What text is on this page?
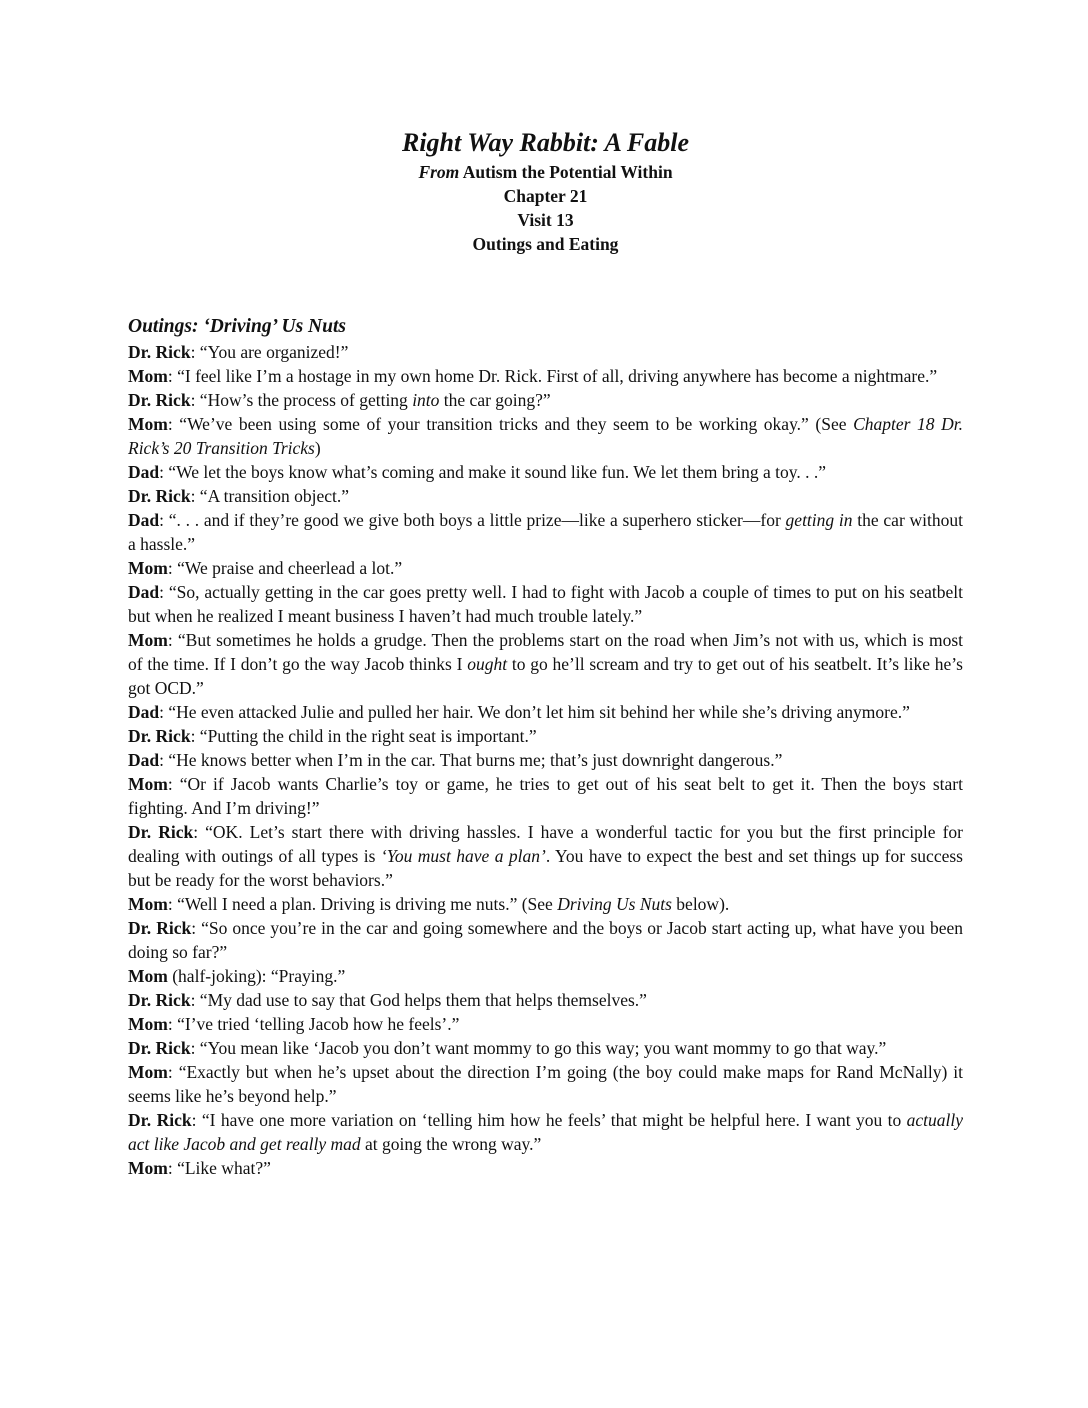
Right Way Rabbit: A Fable

From Autism the Potential Within

Chapter 21

Visit 13

Outings and Eating

Outings: ‘Driving’ Us Nuts

Dr. Rick: “You are organized!”

Mom: “I feel like I’m a hostage in my own home Dr. Rick. First of all, driving anywhere has become a nightmare.”

Dr. Rick: “How’s the process of getting into the car going?”

Mom: “We’ve been using some of your transition tricks and they seem to be working okay.” (See Chapter 18 Dr. Rick’s 20 Transition Tricks)

Dad: “We let the boys know what’s coming and make it sound like fun. We let them bring a toy. . .”

Dr. Rick: “A transition object.”

Dad: “. . . and if they’re good we give both boys a little prize—like a superhero sticker—for getting in the car without a hassle.”

Mom: “We praise and cheerlead a lot.”

Dad: “So, actually getting in the car goes pretty well. I had to fight with Jacob a couple of times to put on his seatbelt but when he realized I meant business I haven’t had much trouble lately.”

Mom: “But sometimes he holds a grudge. Then the problems start on the road when Jim’s not with us, which is most of the time. If I don’t go the way Jacob thinks I ought to go he’ll scream and try to get out of his seatbelt. It’s like he’s got OCD.”

Dad: “He even attacked Julie and pulled her hair. We don’t let him sit behind her while she’s driving anymore.”

Dr. Rick: “Putting the child in the right seat is important.”

Dad: “He knows better when I’m in the car. That burns me; that’s just downright dangerous.”

Mom: “Or if Jacob wants Charlie’s toy or game, he tries to get out of his seat belt to get it. Then the boys start fighting. And I’m driving!”

Dr. Rick: “OK. Let’s start there with driving hassles. I have a wonderful tactic for you but the first principle for dealing with outings of all types is ‘You must have a plan’. You have to expect the best and set things up for success but be ready for the worst behaviors.”

Mom: “Well I need a plan. Driving is driving me nuts.” (See Driving Us Nuts below).

Dr. Rick: “So once you’re in the car and going somewhere and the boys or Jacob start acting up, what have you been doing so far?”

Mom (half-joking): “Praying.”

Dr. Rick: “My dad use to say that God helps them that helps themselves.”

Mom: “I’ve tried ‘telling Jacob how he feels’.”

Dr. Rick: “You mean like ‘Jacob you don’t want mommy to go this way; you want mommy to go that way.”

Mom: “Exactly but when he’s upset about the direction I’m going (the boy could make maps for Rand McNally) it seems like he’s beyond help.”

Dr. Rick: “I have one more variation on ‘telling him how he feels’ that might be helpful here. I want you to actually act like Jacob and get really mad at going the wrong way.”

Mom: “Like what?”
